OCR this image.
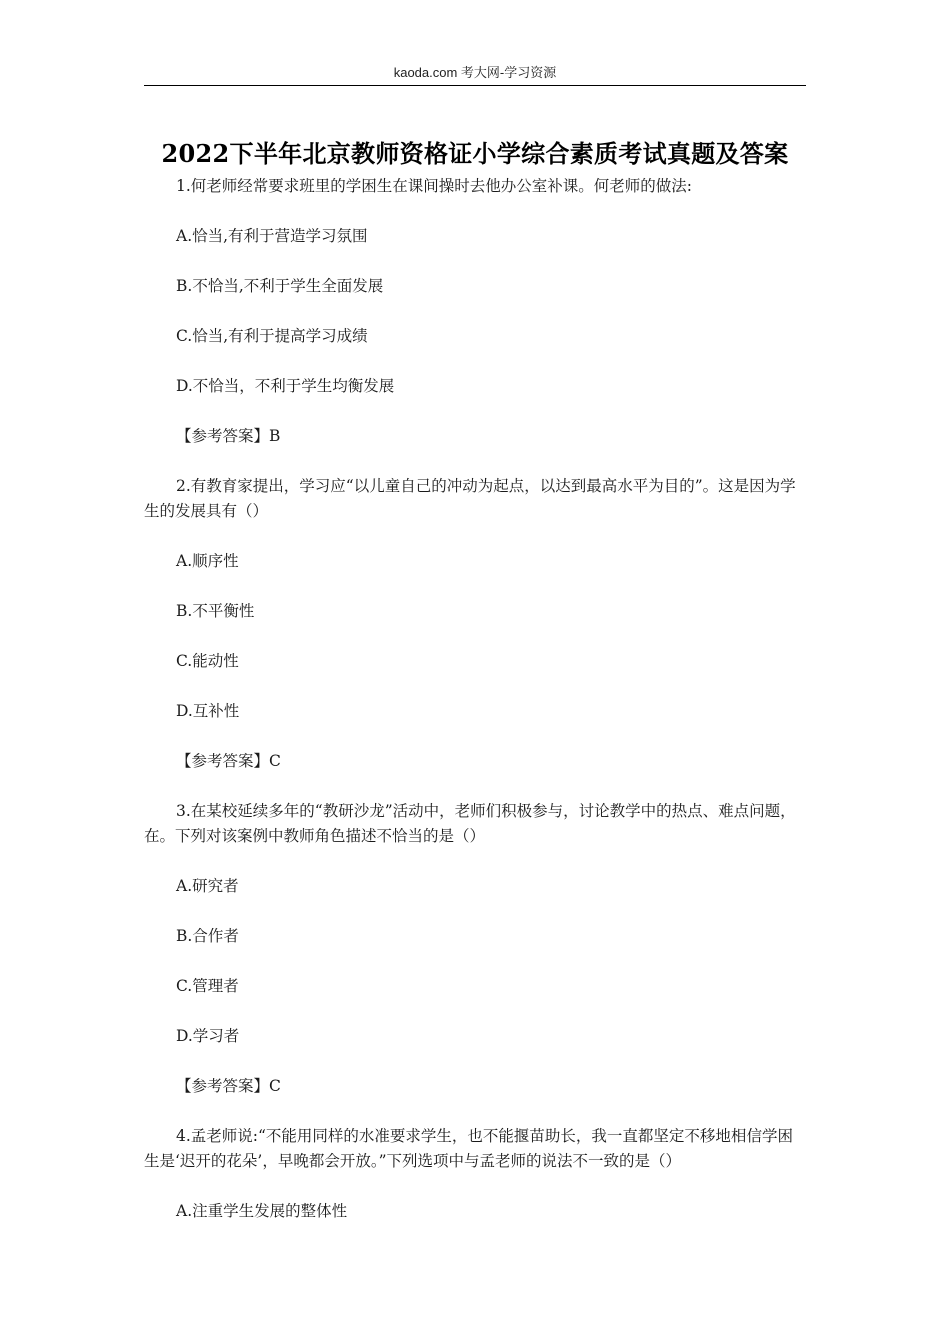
kaoda.com 考大网-学习资源
2022下半年北京教师资格证小学综合素质考试真题及答案

1.何老师经常要求班里的学困生在课间操时去他办公室补课。何老师的做法:

A.恰当,有利于营造学习氛围

B.不恰当,不利于学生全面发展

C.恰当,有利于提高学习成绩

D.不恰当，不利于学生均衡发展

【参考答案】B

2.有教育家提出，学习应“以儿童自己的冲动为起点，以达到最高水平为目的”。这是因为学生的发展具有（）

A.顺序性

B.不平衡性

C.能动性

D.互补性

【参考答案】C

3.在某校延续多年的“教研沙龙”活动中，老师们积极参与，讨论教学中的热点、难点问题，在。下列对该案例中教师角色描述不恰当的是（）

A.研究者

B.合作者

C.管理者

D.学习者

【参考答案】C

4.孟老师说:“不能用同样的水准要求学生，也不能揠苗助长，我一直都坚定不移地相信学困生是‘迟开的花朵’，早晚都会开放。”下列选项中与孟老师的说法不一致的是（）

A.注重学生发展的整体性
